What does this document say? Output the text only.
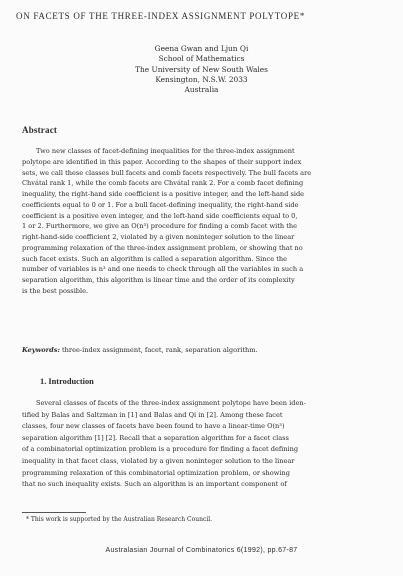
ON FACETS OF THE THREE-INDEX ASSIGNMENT POLYTOPE*
Geena Gwan and Ljun Qi
School of Mathematics
The University of New South Wales
Kensington, N.S.W. 2033
Australia
Abstract
Two new classes of facet-defining inequalities for the three-index assignment
polytope are identified in this paper. According to the shapes of their support index
sets, we call these classes bull facets and comb facets respectively. The bull facets are
Chvátal rank 1, while the comb facets are Chvátal rank 2. For a comb facet defining
inequality, the right-hand side coefficient is a positive integer, and the left-hand side
coefficients equal to 0 or 1. For a bull facet-defining inequality, the right-hand side
coefficient is a positive even integer, and the left-hand side coefficients equal to 0,
1 or 2. Furthermore, we give an O(n³) procedure for finding a comb facet with the
right-hand-side coefficient 2, violated by a given noninteger solution to the linear
programming relaxation of the three-index assignment problem, or showing that no
such facet exists. Such an algorithm is called a separation algorithm. Since the
number of variables is n³ and one needs to check through all the variables in such a
separation algorithm, this algorithm is linear time and the order of its complexity
is the best possible.
Keywords: three-index assignment, facet, rank, separation algorithm.
1. Introduction
Several classes of facets of the three-index assignment polytope have been iden-
tified by Balas and Saltzman in [1] and Balas and Qi in [2]. Among these facet
classes, four new classes of facets have been found to have a linear-time O(n³)
separation algorithm [1] [2]. Recall that a separation algorithm for a facet class
of a combinatorial optimization problem is a procedure for finding a facet defining
inequality in that facet class, violated by a given noninteger solution to the linear
programming relaxation of this combinatorial optimization problem, or showing
that no such inequality exists. Such an algorithm is an important component of
* This work is supported by the Australian Research Council.
Australasian Journal of Combinatorics 6(1992), pp.67-87
